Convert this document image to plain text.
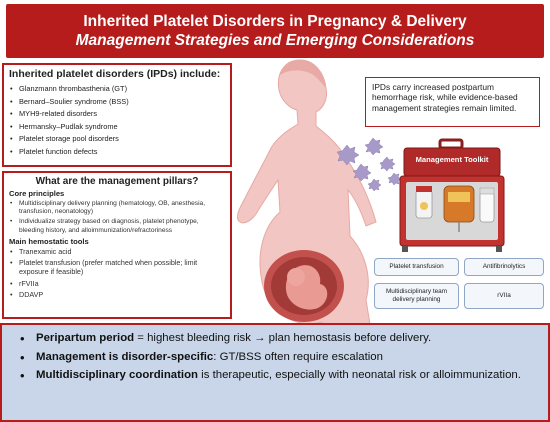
Inherited Platelet Disorders in Pregnancy & Delivery
Management Strategies and Emerging Considerations
Management Toolkit
Inherited platelet disorders (IPDs) include:
• Glanzmann thrombasthenia (GT)
• Bernard–Soulier syndrome (BSS)
• MYH9-related disorders
• Hermansky–Pudlak syndrome
• Platelet storage pool disorders
• Platelet function defects
What are the management pillars?
Core principles
• Multidisciplinary delivery planning (hematology, OB, anesthesia, transfusion, neonatology)
• Individualize strategy based on diagnosis, platelet phenotype, bleeding history, and alloimmunization/refractoriness
Main hemostatic tools
• Tranexamic acid
• Platelet transfusion (prefer matched when possible; limit exposure if feasible)
• rFVIIa
• DDAVP
IPDs carry increased postpartum hemorrhage risk, while evidence-based management strategies remain limited.
Platelet transfusion	Antifibrinolytics
Multidisciplinary team delivery planning
rVIIa
• Peripartum period = highest bleeding risk → plan hemostasis before delivery.
• Management is disorder-specific: GT/BSS often require escalation
• Multidisciplinary coordination is therapeutic, especially with neonatal risk or alloimmunization.
